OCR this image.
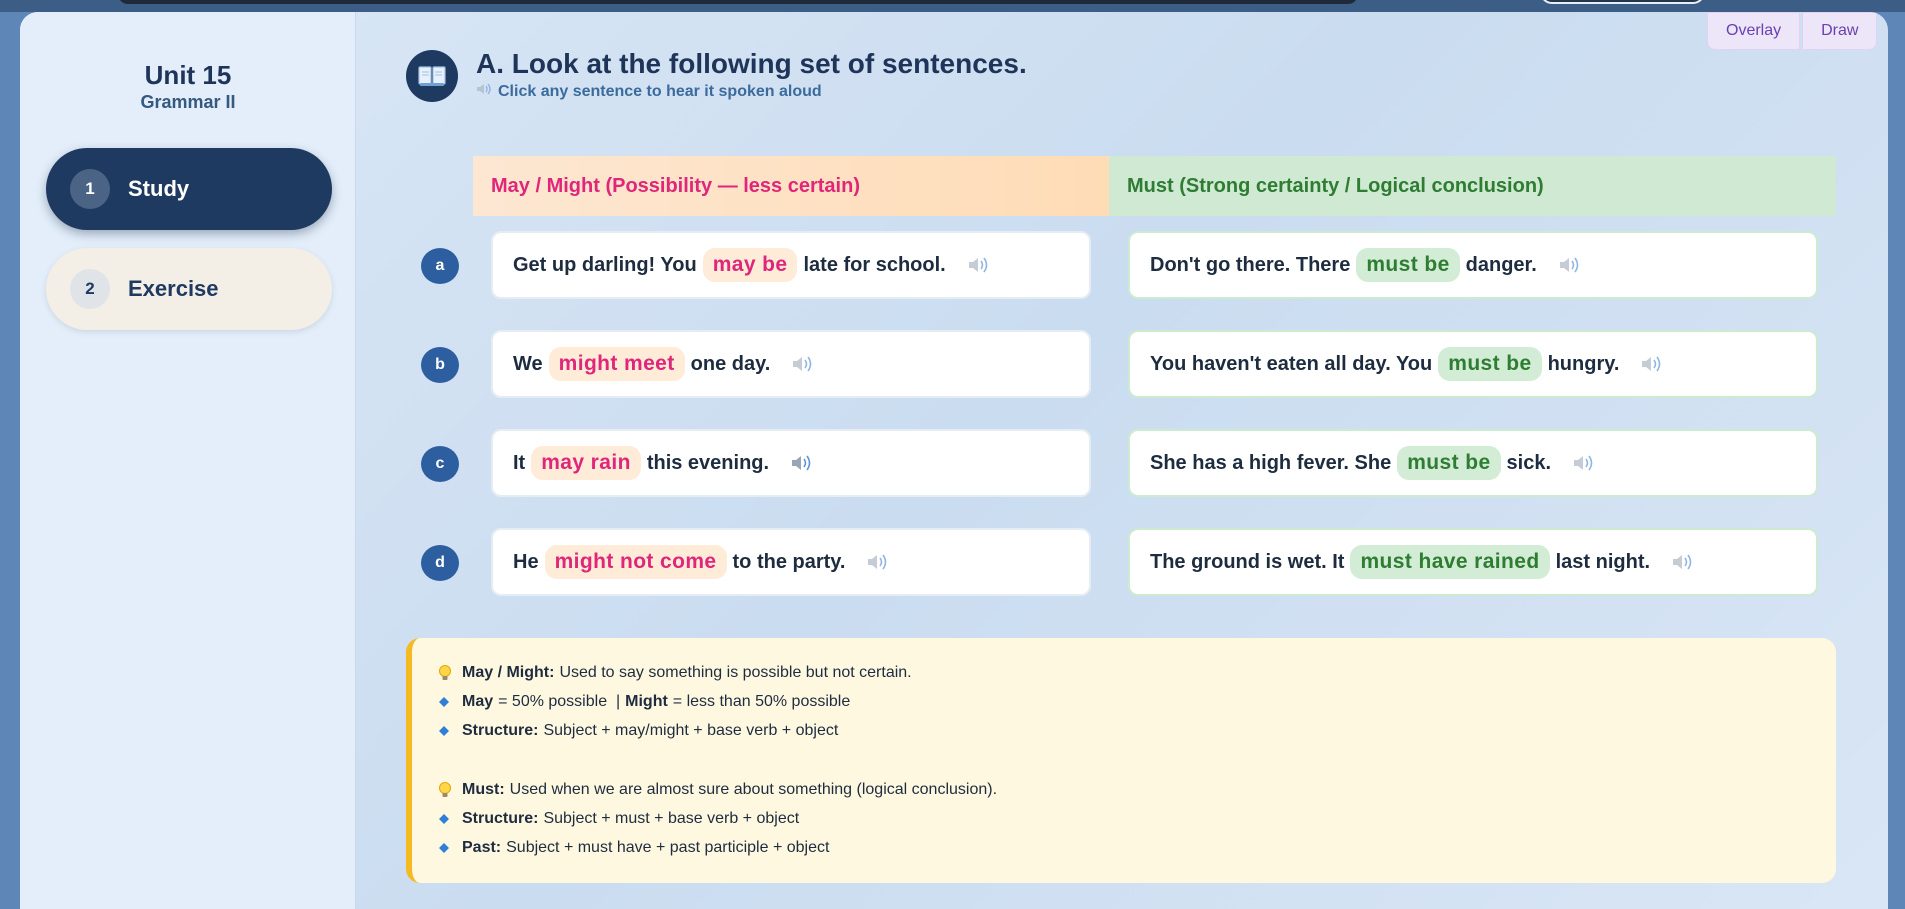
Unit 15
Grammar II
1	Study
2	Exercise
Overlay	Draw
A. Look at the following set of sentences.
Click any sentence to hear it spoken aloud
May / Might (Possibility — less certain)	Must (Strong certainty / Logical conclusion)
a	Get up darling! You may be late for school.	Don't go there. There must be danger.
b	We might meet one day.	You haven't eaten all day. You must be hungry.
c	It may rain this evening.	She has a high fever. She must be sick.
d	He might not come to the party.	The ground is wet. It must have rained last night.
May / Might: Used to say something is possible but not certain.
May = 50% possible  | Might = less than 50% possible
Structure: Subject + may/might + base verb + object
Must: Used when we are almost sure about something (logical conclusion).
Structure: Subject + must + base verb + object
Past: Subject + must have + past participle + object
